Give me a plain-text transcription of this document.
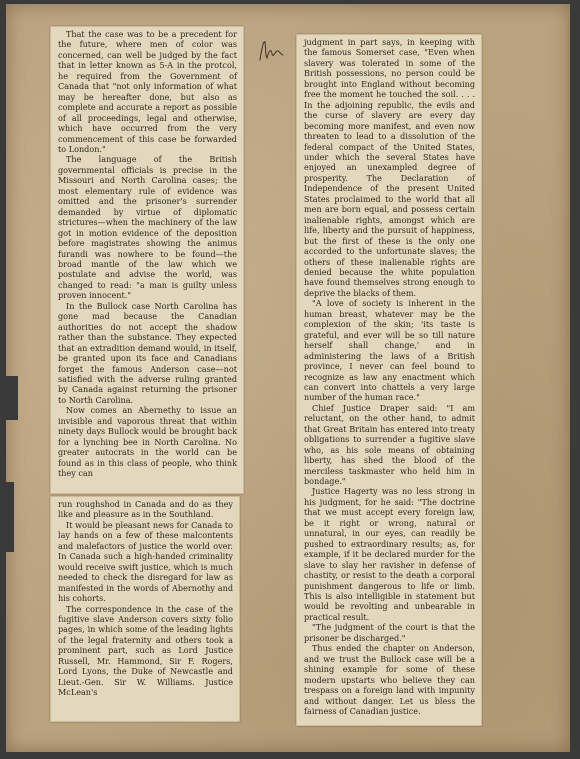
That the case was to be a precedent for the future, where men of color was concerned, can well be judged by the fact that in letter known as 5-A in the protcol, he required from the Government of Canada that "not only information of what may be hereafter done, but also as complete and accurate a report as possible of all proceedings, legal and otherwise, which have occurred from the very commencement of this case be forwarded to London."

The language of the British governmental officials is precise in the Missouri and North Carolina cases; the most elementary rule of evidence was omitted and the prisoner's surrender demanded by virtue of diplomatic strictures—when the machinery of the law got in motion evidence of the deposition before magistrates showing the animus furandi was nowhere to be found—the broad mantle of the law which we postulate and advise the world, was changed to read: "a man is guilty unless proven innocent."

In the Bullock case North Carolina has gone mad because the Canadian authorities do not accept the shadow rather than the substance. They expected that an extradition demand would, in itself, be granted upon its face and Canadians forget the famous Anderson case—not satisfied with the adverse ruling granted by Canada against returning the prisoner to North Carolina.

Now comes an Abernethy to issue an invisible and vaporous threat that within ninety days Bullock would be brought back for a lynching bee in North Carolina. No greater autocrats in the world can be found as in this class of people, who think they can

run roughshod in Canada and do as they like and pleasure as in the Southland.

It would be pleasant news for Canada to lay hands on a few of these malcontents and malefactors of justice the world over. In Canada such a high-handed criminality would receive swift justice, which is much needed to check the disregard for law as manifested in the words of Abernothy and his cohorts.

The correspondence in the case of the fugitive slave Anderson covers sixty folio pages, in which some of the leading lights of the legal fraternity and others took a prominent part, such as Lord Justice Russell, Mr. Hammond, Sir F. Rogers, Lord Lyons, the Duke of Newcastle and Lieut.-Gen. Sir W. Williams. Justice McLean's

judgment in part says, in keeping with the famous Somerset case, "Even when slavery was tolerated in some of the British possessions, no person could be brought into England without becoming free the moment he touched the soil. . . . In the adjoining republic, the evils and the curse of slavery are every day becoming more manifest, and even now threaten to lead to a dissolution of the federal compact of the United States, under which the several States have enjoyed an unexampled degree of prosperity. The Declaration of Independence of the present United States proclaimed to the world that all men are born equal, and possess certain inalienable rights, amongst which are life, liberty and the pursuit of happiness, but the first of these is the only one accorded to the unfortunate slaves; the others of these inalienable rights are denied because the white population have found themselves strong enough to deprive the blacks of them.

"A love of society is inherent in the human breast, whatever may be the complexion of the skin; 'its taste is grateful, and ever will be so till nature herself shall change,' and in administering the laws of a British province, I never can feel bound to recognize as law any enactment which can convert into chattels a very large number of the human race."

Chief Justice Draper said: "I am reluctant, on the other hand, to admit that Great Britain has entered into treaty obligations to surrender a fugitive slave who, as his sole means of obtaining liberty, has shed the blood of the merciless taskmaster who held him in bondage."

Justice Hagerty was no less strong in his judgment, for he said: "The doctrine that we must accept every foreign law, be it right or wrong, natural or unnatural, in our eyes, can readily be pushed to extraordinary results; as, for example, if it be declared murder for the slave to slay her ravisher in defense of chastity, or resist to the death a corporal punishment dangerous to life or limb. This is also intelligible in statement but would be revolting and unbearable in practical result.

"The judgment of the court is that the prisoner be discharged."

Thus ended the chapter on Anderson, and we trust the Bullock case will be a shining example for some of these modern upstarts who believe they can trespass on a foreign land with impunity and without danger. Let us bless the fairness of Canadian justice.
